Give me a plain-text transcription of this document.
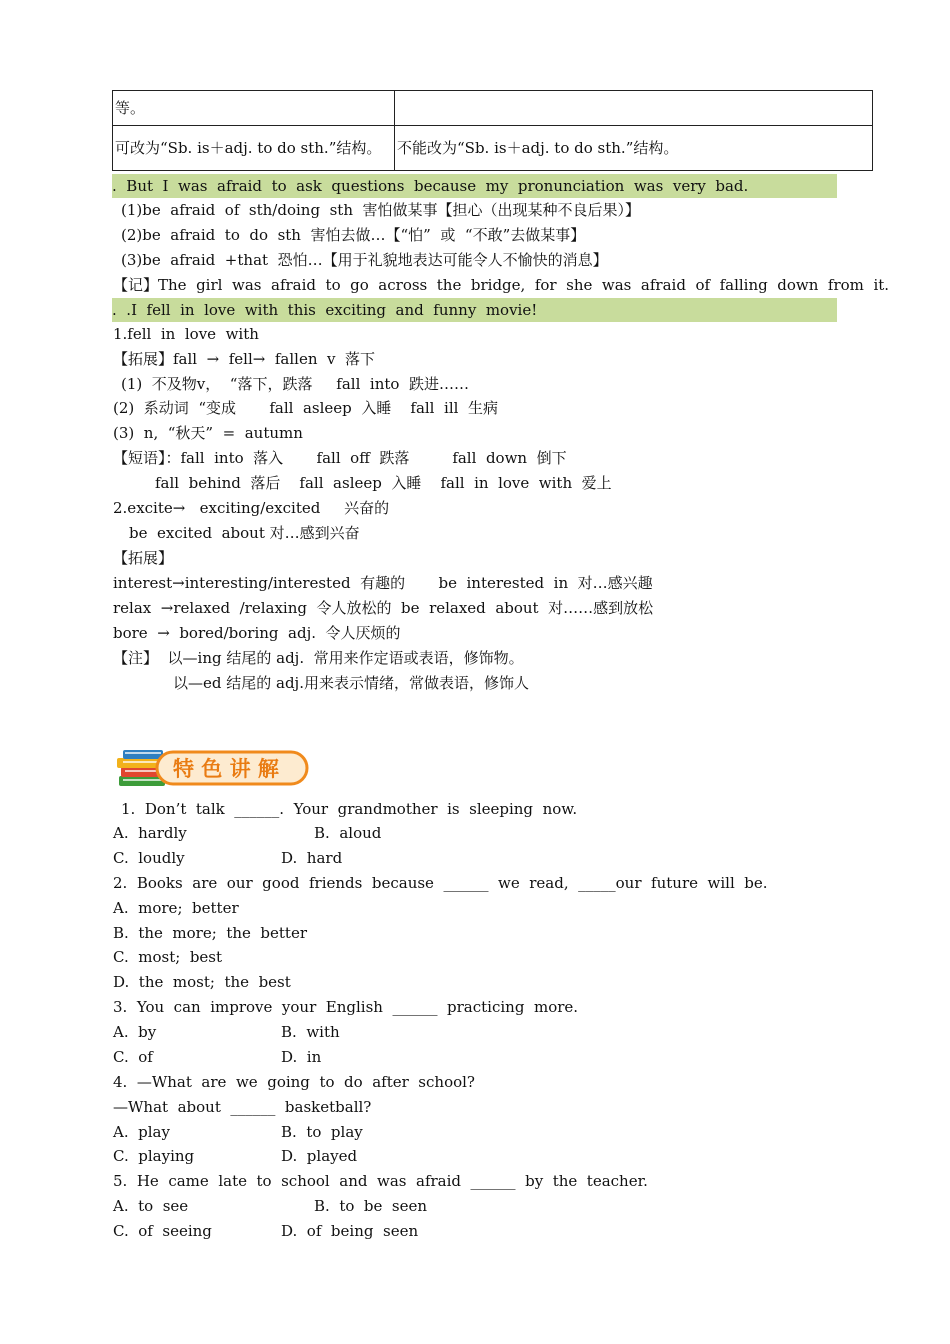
等。	
可改为“Sb. is＋adj. to do sth.”结构。	不能改为“Sb. is＋adj. to do sth.”结构。
.  But  I  was  afraid  to  ask  questions  because  my  pronunciation  was  very  bad.
(1)be  afraid  of  sth/doing  sth  害怕做某事【担心（出现某种不良后果）】
(2)be  afraid  to  do  sth  害怕去做…【“怕”  或  “不敢”去做某事】
(3)be  afraid  +that  恐怕…【用于礼貌地表达可能令人不愉快的消息】
【记】The  girl  was  afraid  to  go  across  the  bridge,  for  she  was  afraid  of  falling  down  from  it.
.  .I  fell  in  love  with  this  exciting  and  funny  movie!
1.fell  in  love  with
【拓展】fall  →  fell→  fallen  v  落下
(1)  不及物v，  “落下，跌落     fall  into  跌进……
(2)  系动词  “变成       fall  asleep  入睡    fall  ill  生病
(3)  n,  “秋天”  =  autumn
【短语】：fall  into  落入       fall  off  跌落         fall  down  倒下
fall  behind  落后    fall  asleep  入睡    fall  in  love  with  爱上
2.excite→   exciting/excited     兴奋的
be  excited  about 对…感到兴奋
【拓展】
interest→interesting/interested  有趣的       be  interested  in  对…感兴趣
relax  →relaxed  /relaxing  令人放松的  be  relaxed  about  对……感到放松
bore  →  bored/boring  adj.  令人厌烦的
【注】  以—ing 结尾的 adj.  常用来作定语或表语，修饰物。
以—ed 结尾的 adj.用来表示情绪，常做表语，修饰人
特 色 讲 解
1.  Don’t  talk  ______.  Your  grandmother  is  sleeping  now.
A.  hardly	B.  aloud
C.  loudly	D.  hard
2.  Books  are  our  good  friends  because  ______  we  read,  _____our  future  will  be.
A.  more;  better
B.  the  more;  the  better
C.  most;  best
D.  the  most;  the  best
3.  You  can  improve  your  English  ______  practicing  more.
A.  by	B.  with
C.  of	D.  in
4.  —What  are  we  going  to  do  after  school?
—What  about  ______  basketball?
A.  play	B.  to  play
C.  playing	D.  played
5.  He  came  late  to  school  and  was  afraid  ______  by  the  teacher.
A.  to  see	B.  to  be  seen
C.  of  seeing	D.  of  being  seen
